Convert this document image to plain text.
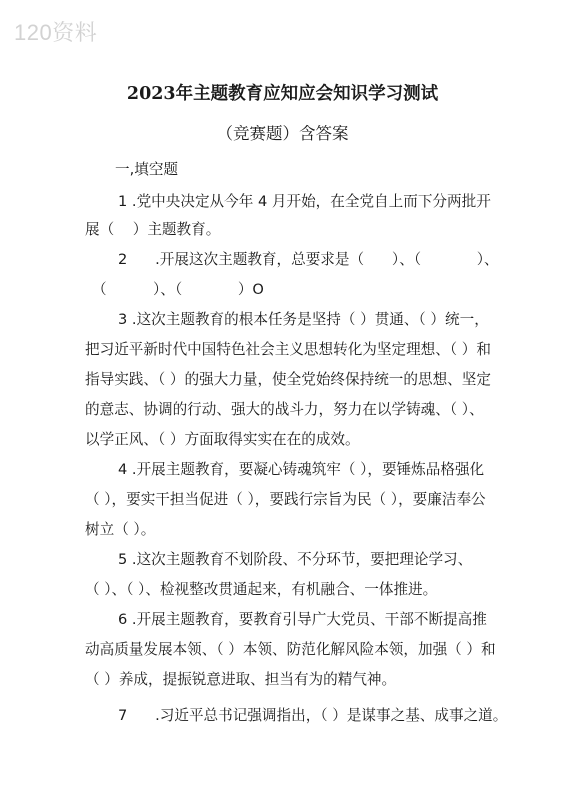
120资料
2023年主题教育应知应会知识学习测试
（竞赛题）含答案
一,填空题
1 .党中央决定从今年 4 月开始，在全党自上而下分两批开
展（    ）主题教育。
2      .开展这次主题教育，总要求是（      ）、（            ）、
（          ）、（            ）O
3 .这次主题教育的根本任务是坚持（ ）贯通、（ ）统一，
把习近平新时代中国特色社会主义思想转化为坚定理想、（ ）和
指导实践、（ ）的强大力量，使全党始终保持统一的思想、坚定
的意志、协调的行动、强大的战斗力，努力在以学铸魂、（ ）、
以学正风、（ ）方面取得实实在在的成效。
4 .开展主题教育，要凝心铸魂筑牢（ ），要锤炼品格强化
（ ），要实干担当促进（ ），要践行宗旨为民（ ），要廉洁奉公
树立（ ）。
5 .这次主题教育不划阶段、不分环节，要把理论学习、
（ ）、（ ）、检视整改贯通起来，有机融合、一体推进。
6 .开展主题教育，要教育引导广大党员、干部不断提高推
动高质量发展本领、（ ）本领、防范化解风险本领，加强（ ）和
（ ）养成，提振锐意进取、担当有为的精气神。
7      .习近平总书记强调指出，（ ）是谋事之基、成事之道。
